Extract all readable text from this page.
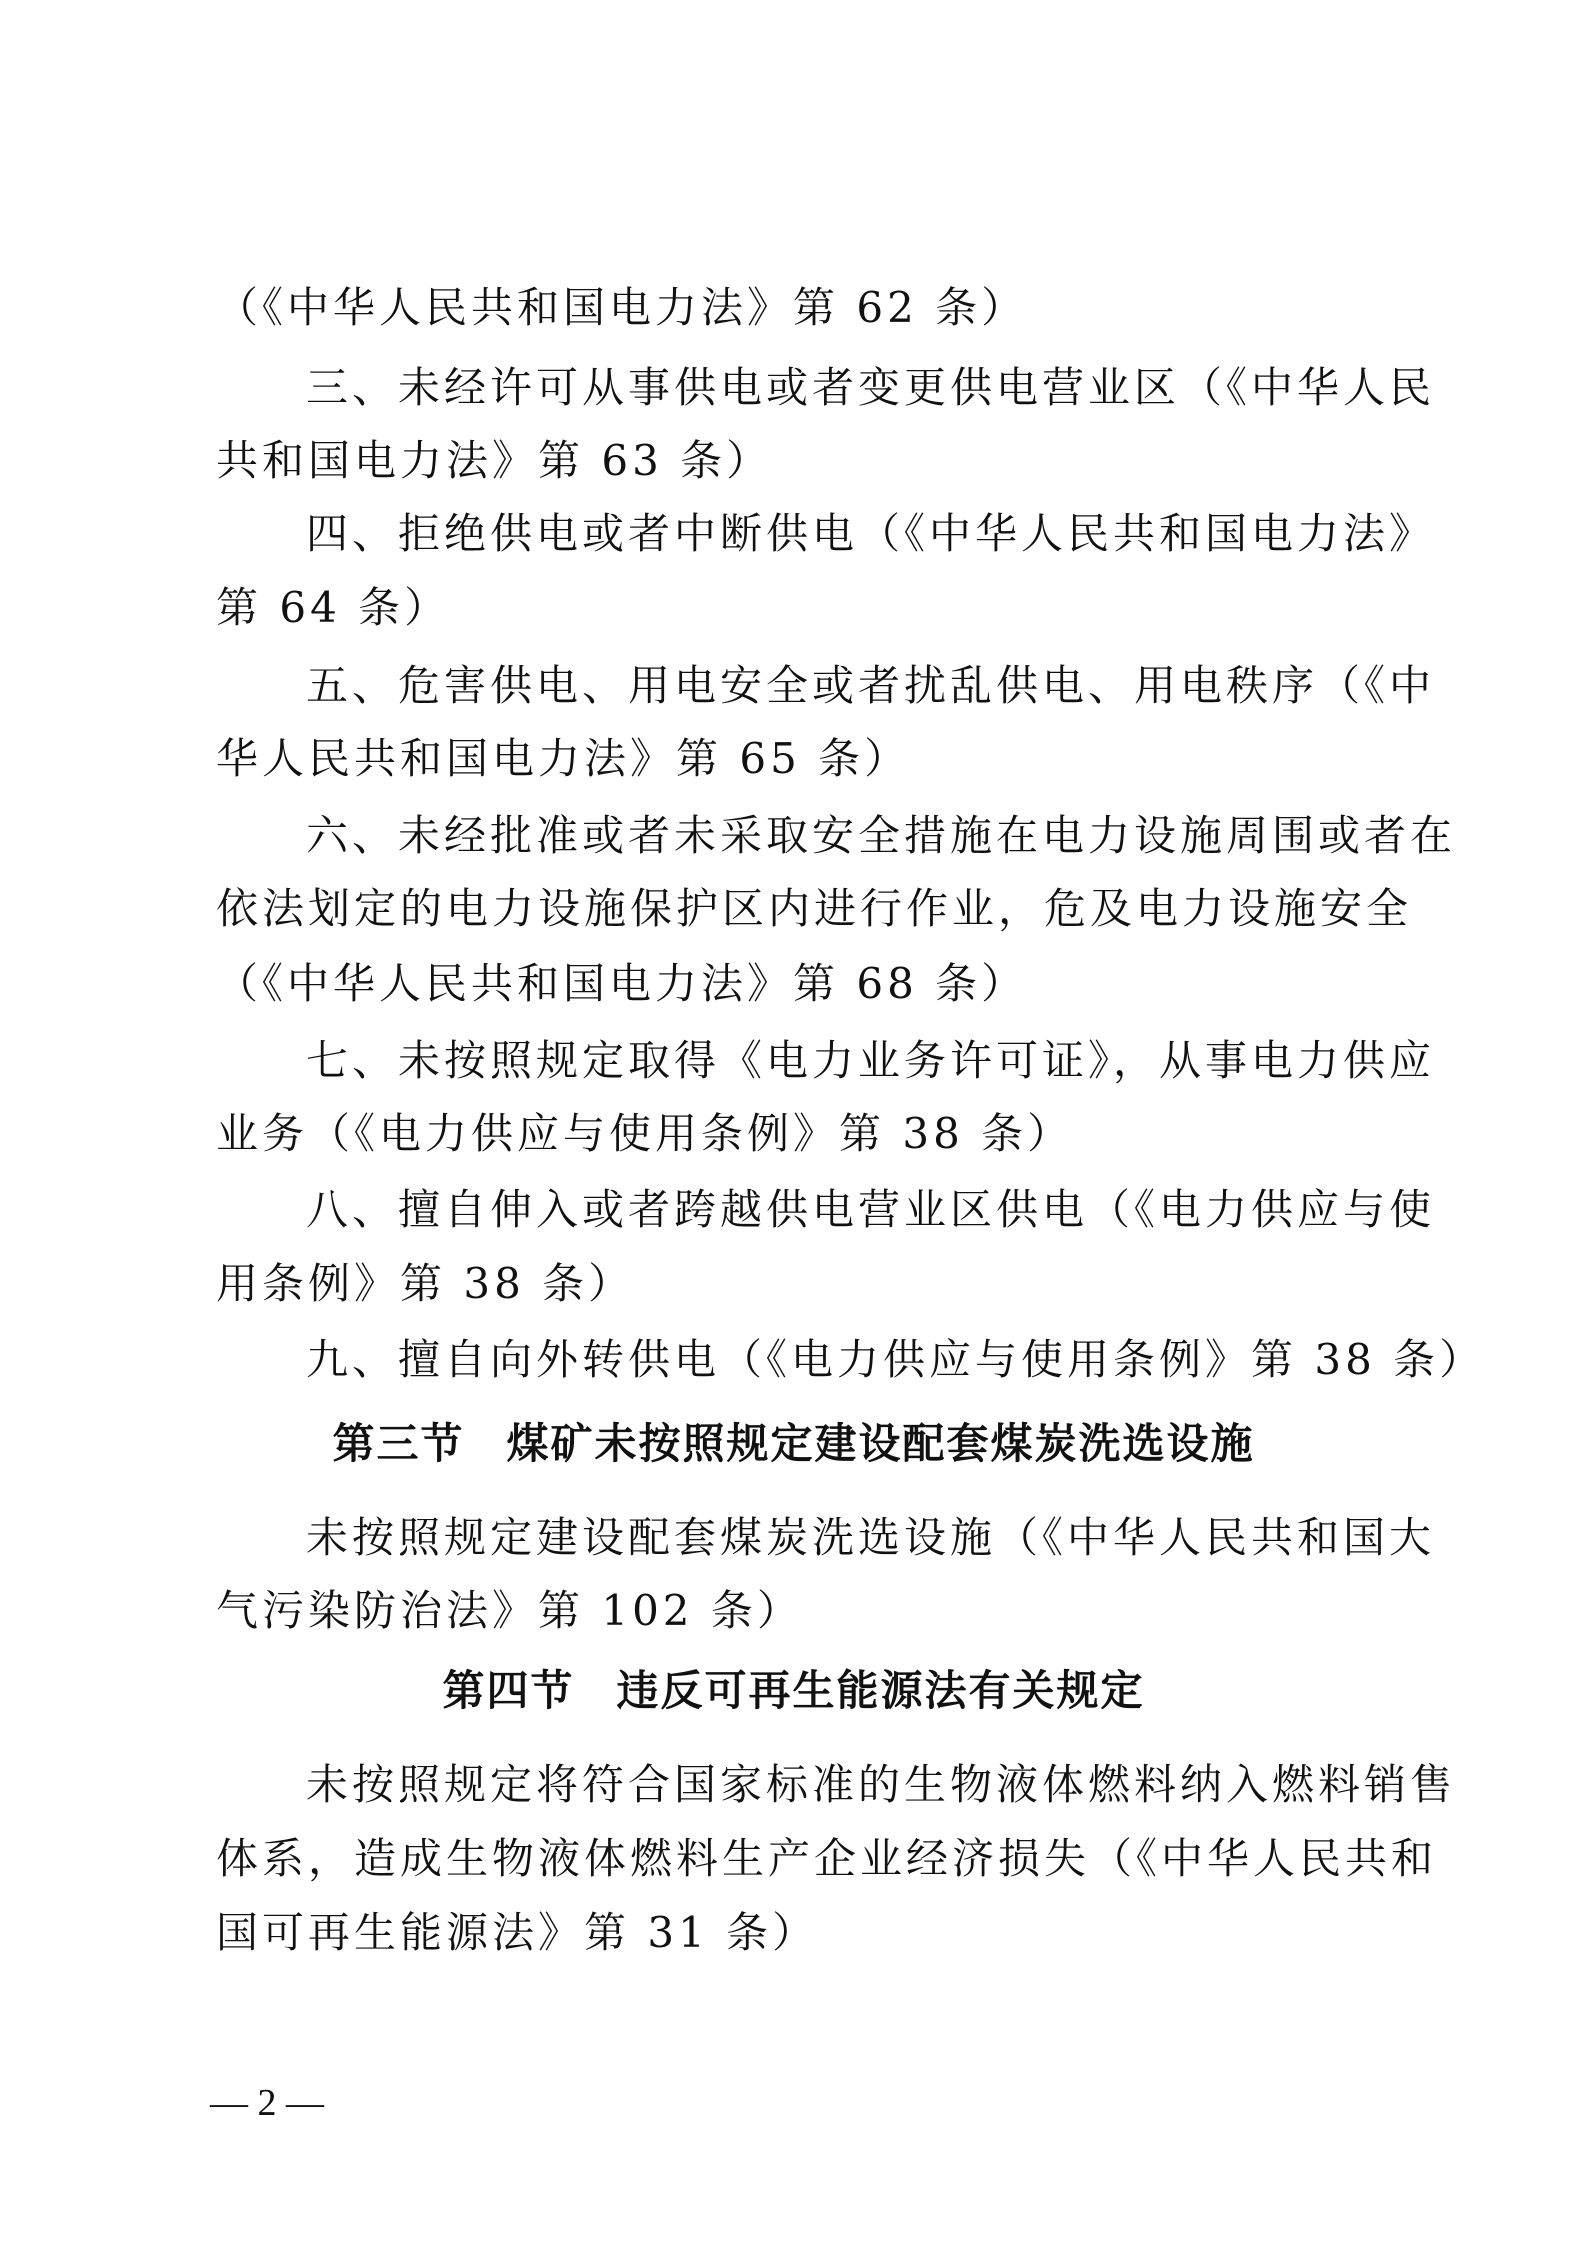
（《中华人民共和国电力法》第 62 条）
三、未经许可从事供电或者变更供电营业区（《中华人民
共和国电力法》第 63 条）
四、拒绝供电或者中断供电（《中华人民共和国电力法》
第 64 条）
五、危害供电、用电安全或者扰乱供电、用电秩序（《中
华人民共和国电力法》第 65 条）
六、未经批准或者未采取安全措施在电力设施周围或者在
依法划定的电力设施保护区内进行作业，危及电力设施安全
（《中华人民共和国电力法》第 68 条）
七、未按照规定取得《电力业务许可证》，从事电力供应
业务（《电力供应与使用条例》第 38 条）
八、擅自伸入或者跨越供电营业区供电（《电力供应与使
用条例》第 38 条）
九、擅自向外转供电（《电力供应与使用条例》第 38 条）
第三节 煤矿未按照规定建设配套煤炭洗选设施
未按照规定建设配套煤炭洗选设施（《中华人民共和国大
气污染防治法》第 102 条）
第四节 违反可再生能源法有关规定
未按照规定将符合国家标准的生物液体燃料纳入燃料销售
体系，造成生物液体燃料生产企业经济损失（《中华人民共和
国可再生能源法》第 31 条）
— 2 —
